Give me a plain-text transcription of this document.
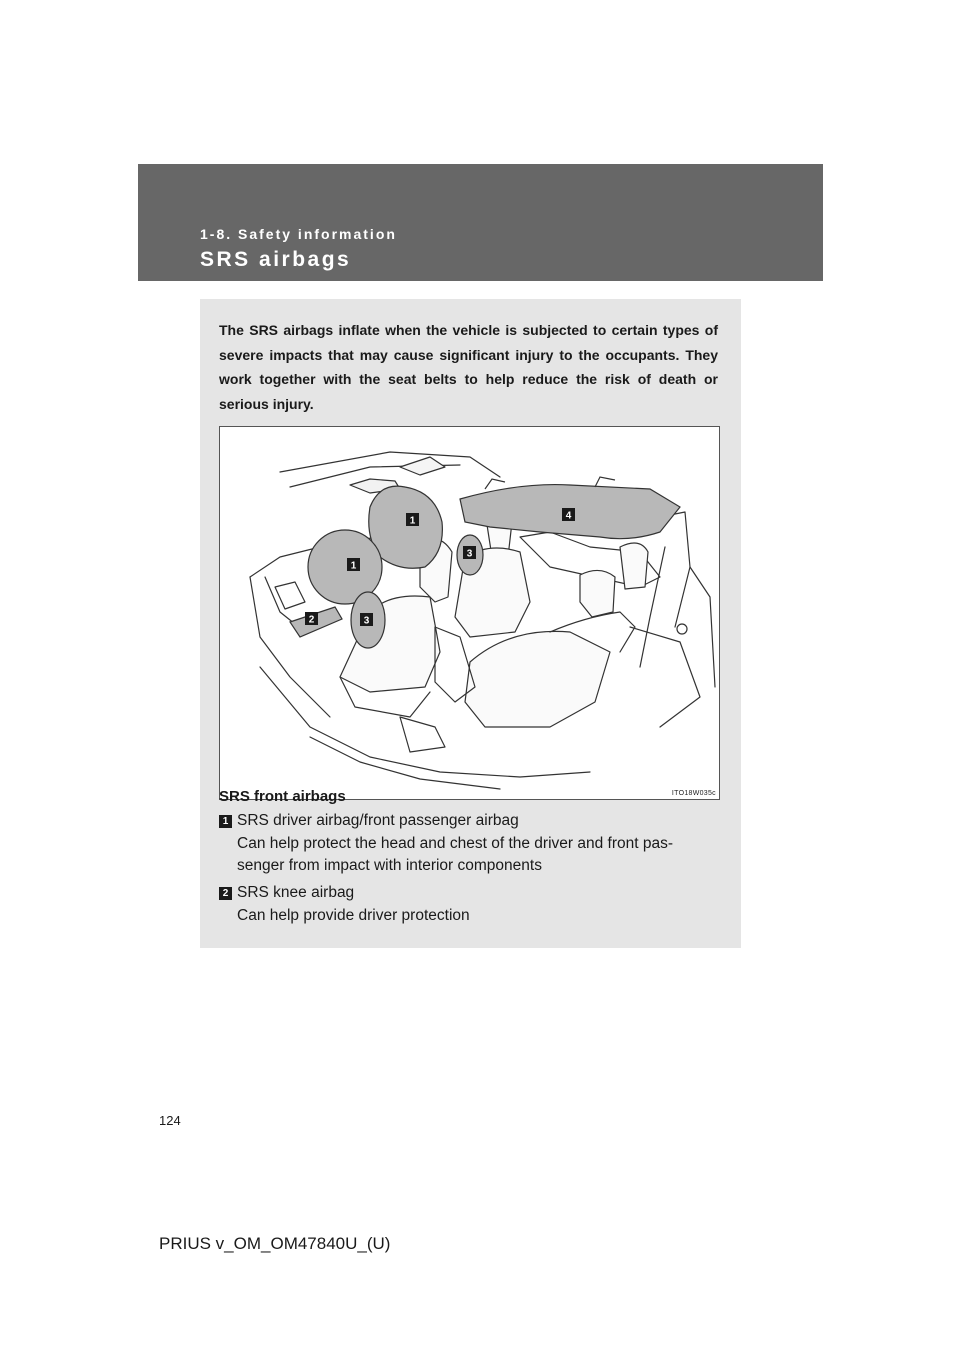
1-8. Safety information
SRS airbags
The SRS airbags inflate when the vehicle is subjected to certain types of severe impacts that may cause significant injury to the occupants. They work together with the seat belts to help reduce the risk of death or serious injury.
1
1
2
3
3
4
ITO18W035c
SRS front airbags
1 SRS driver airbag/front passenger airbag
Can help protect the head and chest of the driver and front pas-
senger from impact with interior components
2 SRS knee airbag
Can help provide driver protection
124
PRIUS v_OM_OM47840U_(U)
